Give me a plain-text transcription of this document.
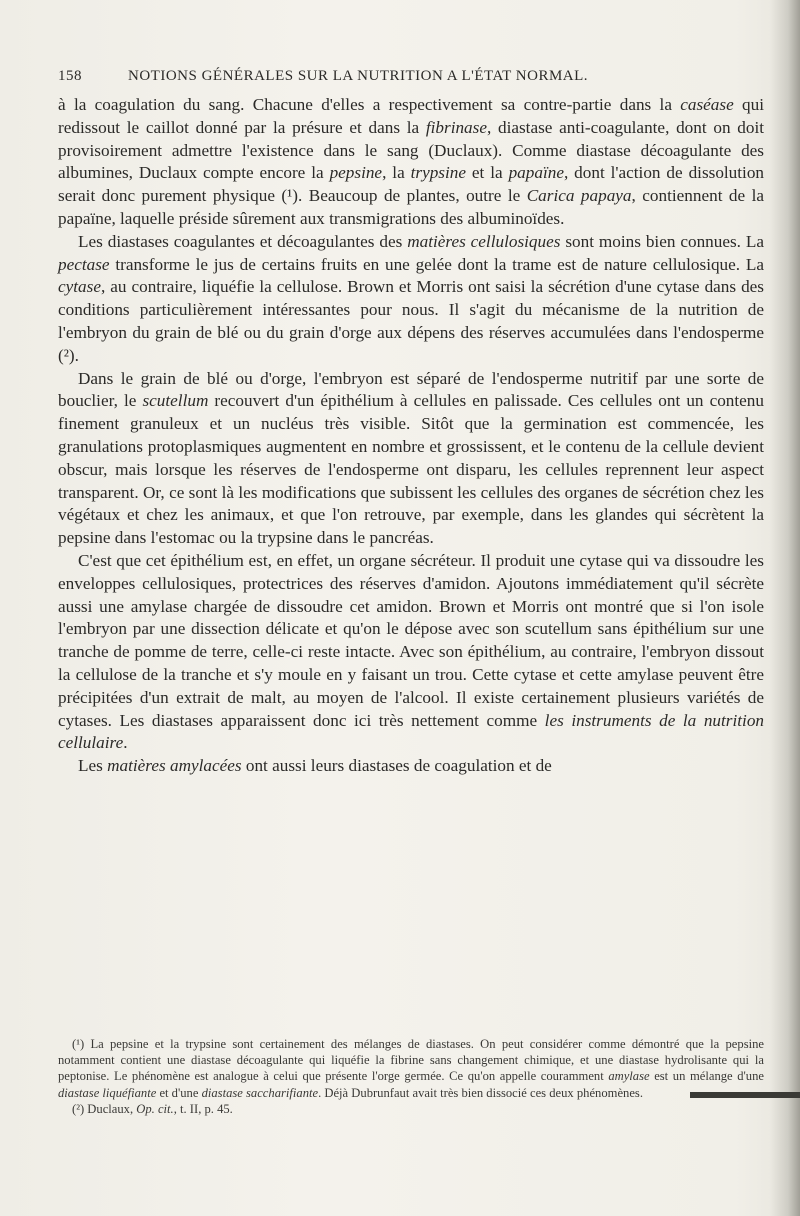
158	NOTIONS GÉNÉRALES SUR LA NUTRITION A L'ÉTAT NORMAL.

à la coagulation du sang. Chacune d'elles a respectivement sa contre-partie dans la caséase qui redissout le caillot donné par la présure et dans la fibrinase, diastase anti-coagulante, dont on doit provisoirement admettre l'existence dans le sang (Duclaux). Comme diastase décoagulante des albumines, Duclaux compte encore la pepsine, la trypsine et la papaïne, dont l'action de dissolution serait donc purement physique (¹). Beaucoup de plantes, outre le Carica papaya, contiennent de la papaïne, laquelle préside sûrement aux transmigrations des albuminoïdes.

Les diastases coagulantes et décoagulantes des matières cellulosiques sont moins bien connues. La pectase transforme le jus de certains fruits en une gelée dont la trame est de nature cellulosique. La cytase, au contraire, liquéfie la cellulose. Brown et Morris ont saisi la sécrétion d'une cytase dans des conditions particulièrement intéressantes pour nous. Il s'agit du mécanisme de la nutrition de l'embryon du grain de blé ou du grain d'orge aux dépens des réserves accumulées dans l'endosperme (²).

Dans le grain de blé ou d'orge, l'embryon est séparé de l'endosperme nutritif par une sorte de bouclier, le scutellum recouvert d'un épithélium à cellules en palissade. Ces cellules ont un contenu finement granuleux et un nucléus très visible. Sitôt que la germination est commencée, les granulations protoplasmiques augmentent en nombre et grossissent, et le contenu de la cellule devient obscur, mais lorsque les réserves de l'endosperme ont disparu, les cellules reprennent leur aspect transparent. Or, ce sont là les modifications que subissent les cellules des organes de sécrétion chez les végétaux et chez les animaux, et que l'on retrouve, par exemple, dans les glandes qui sécrètent la pepsine dans l'estomac ou la trypsine dans le pancréas.

C'est que cet épithélium est, en effet, un organe sécréteur. Il produit une cytase qui va dissoudre les enveloppes cellulosiques, protectrices des réserves d'amidon. Ajoutons immédiatement qu'il sécrète aussi une amylase chargée de dissoudre cet amidon. Brown et Morris ont montré que si l'on isole l'embryon par une dissection délicate et qu'on le dépose avec son scutellum sans épithélium sur une tranche de pomme de terre, celle-ci reste intacte. Avec son épithélium, au contraire, l'embryon dissout la cellulose de la tranche et s'y moule en y faisant un trou. Cette cytase et cette amylase peuvent être précipitées d'un extrait de malt, au moyen de l'alcool. Il existe certainement plusieurs variétés de cytases. Les diastases apparaissent donc ici très nettement comme les instruments de la nutrition cellulaire.

Les matières amylacées ont aussi leurs diastases de coagulation et de

(¹) La pepsine et la trypsine sont certainement des mélanges de diastases. On peut considérer comme démontré que la pepsine notamment contient une diastase décoagulante qui liquéfie la fibrine sans changement chimique, et une diastase hydrolisante qui la peptonise. Le phénomène est analogue à celui que présente l'orge germée. Ce qu'on appelle couramment amylase est un mélange d'une diastase liquéfiante et d'une diastase saccharifiante. Déjà Dubrunfaut avait très bien dissocié ces deux phénomènes.

(²) Duclaux, Op. cit., t. II, p. 45.
